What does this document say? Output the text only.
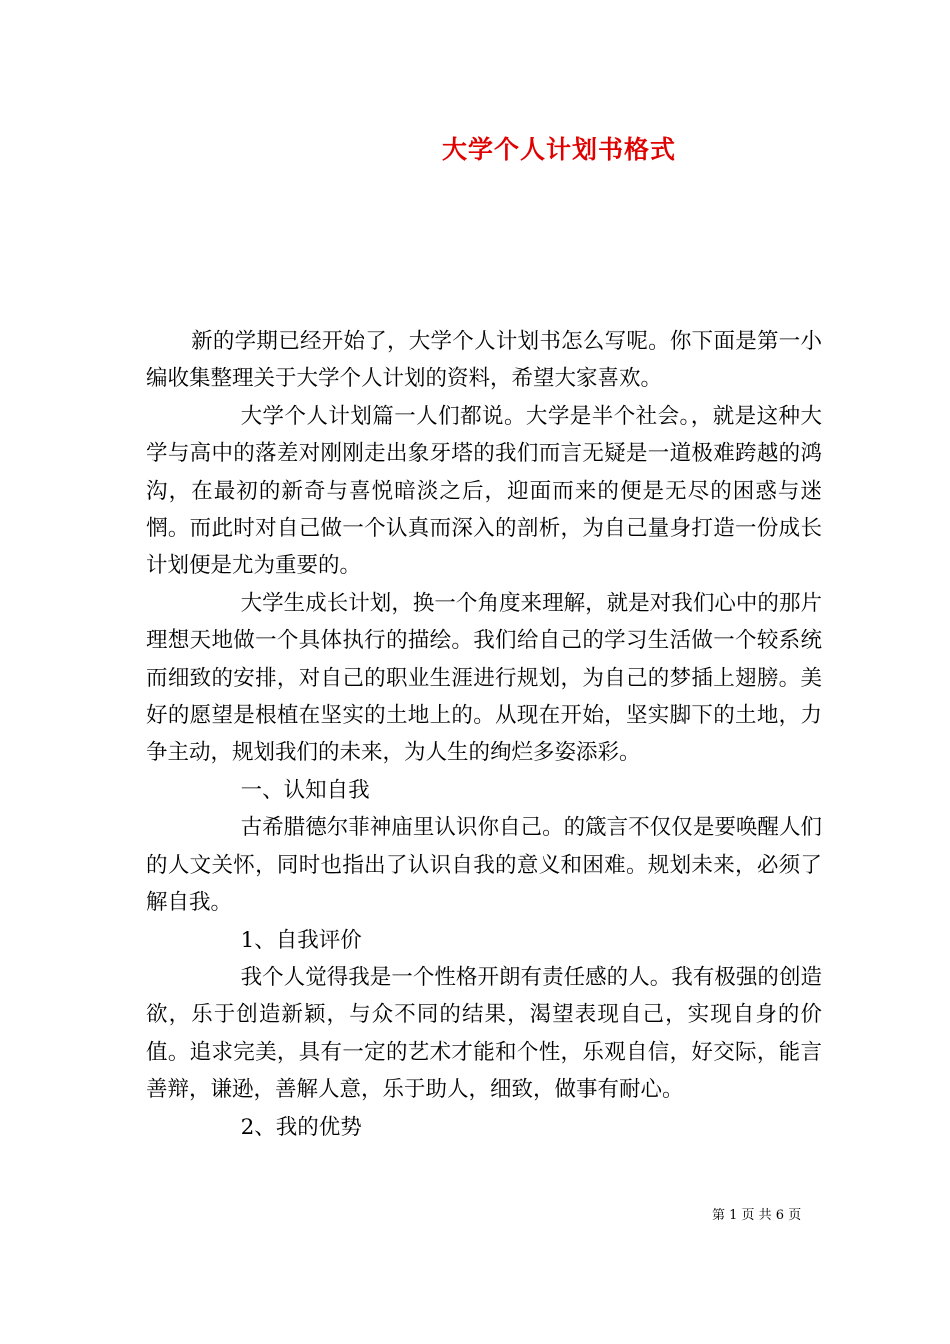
大学个人计划书格式

新的学期已经开始了，大学个人计划书怎么写呢。你下面是第一小编收集整理关于大学个人计划的资料，希望大家喜欢。

大学个人计划篇一人们都说。大学是半个社会。，就是这种大学与高中的落差对刚刚走出象牙塔的我们而言无疑是一道极难跨越的鸿沟，在最初的新奇与喜悦暗淡之后，迎面而来的便是无尽的困惑与迷惘。而此时对自己做一个认真而深入的剖析，为自己量身打造一份成长计划便是尤为重要的。

大学生成长计划，换一个角度来理解，就是对我们心中的那片理想天地做一个具体执行的描绘。我们给自己的学习生活做一个较系统而细致的安排，对自己的职业生涯进行规划，为自己的梦插上翅膀。美好的愿望是根植在坚实的土地上的。从现在开始，坚实脚下的土地，力争主动，规划我们的未来，为人生的绚烂多姿添彩。

一、认知自我

古希腊德尔菲神庙里认识你自己。的箴言不仅仅是要唤醒人们的人文关怀，同时也指出了认识自我的意义和困难。规划未来，必须了解自我。

1、自我评价

我个人觉得我是一个性格开朗有责任感的人。我有极强的创造欲，乐于创造新颖，与众不同的结果，渴望表现自己，实现自身的价值。追求完美，具有一定的艺术才能和个性，乐观自信，好交际，能言善辩，谦逊，善解人意，乐于助人，细致，做事有耐心。

2、我的优势

第 1 页 共 6 页
